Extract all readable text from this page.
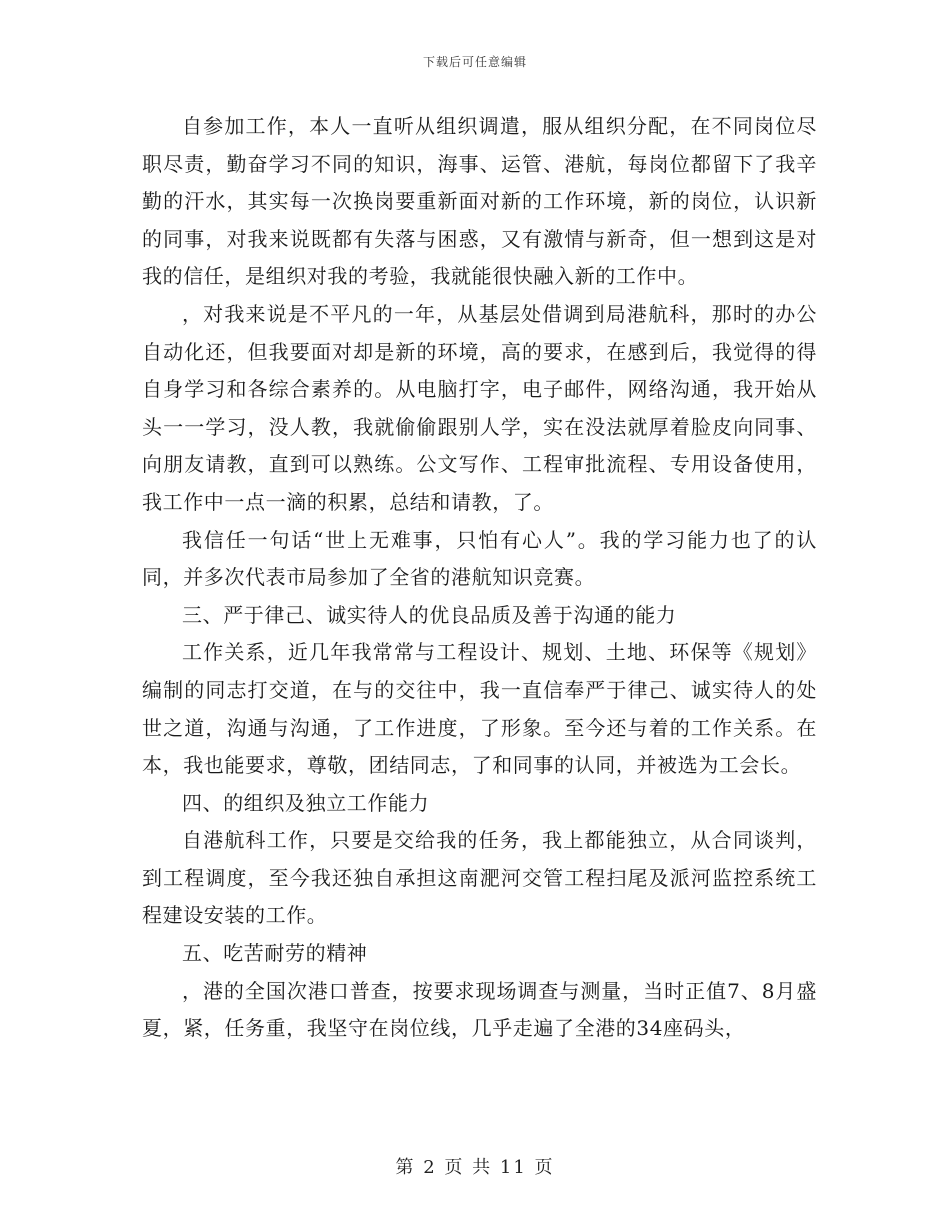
下载后可任意编辑

自参加工作，本人一直听从组织调遣，服从组织分配，在不同岗位尽职尽责，勤奋学习不同的知识，海事、运管、港航，每岗位都留下了我辛勤的汗水，其实每一次换岗要重新面对新的工作环境，新的岗位，认识新的同事，对我来说既都有失落与困惑，又有激情与新奇，但一想到这是对我的信任，是组织对我的考验，我就能很快融入新的工作中。

，对我来说是不平凡的一年，从基层处借调到局港航科，那时的办公自动化还，但我要面对却是新的环境，高的要求，在感到后，我觉得的得自身学习和各综合素养的。从电脑打字，电子邮件，网络沟通，我开始从头一一学习，没人教，我就偷偷跟别人学，实在没法就厚着脸皮向同事、向朋友请教，直到可以熟练。公文写作、工程审批流程、专用设备使用，我工作中一点一滴的积累，总结和请教，了。

我信任一句话“世上无难事，只怕有心人”。我的学习能力也了的认同，并多次代表市局参加了全省的港航知识竞赛。

三、严于律己、诚实待人的优良品质及善于沟通的能力

工作关系，近几年我常常与工程设计、规划、土地、环保等《规划》编制的同志打交道，在与的交往中，我一直信奉严于律己、诚实待人的处世之道，沟通与沟通，了工作进度，了形象。至今还与着的工作关系。在本，我也能要求，尊敬，团结同志，了和同事的认同，并被选为工会长。

四、的组织及独立工作能力

自港航科工作，只要是交给我的任务，我上都能独立，从合同谈判，到工程调度，至今我还独自承担这南淝河交管工程扫尾及派河监控系统工程建设安装的工作。

五、吃苦耐劳的精神

，港的全国次港口普查，按要求现场调查与测量，当时正值7、8月盛夏，紧，任务重，我坚守在岗位线，几乎走遍了全港的34座码头，

第 2 页 共 11 页
